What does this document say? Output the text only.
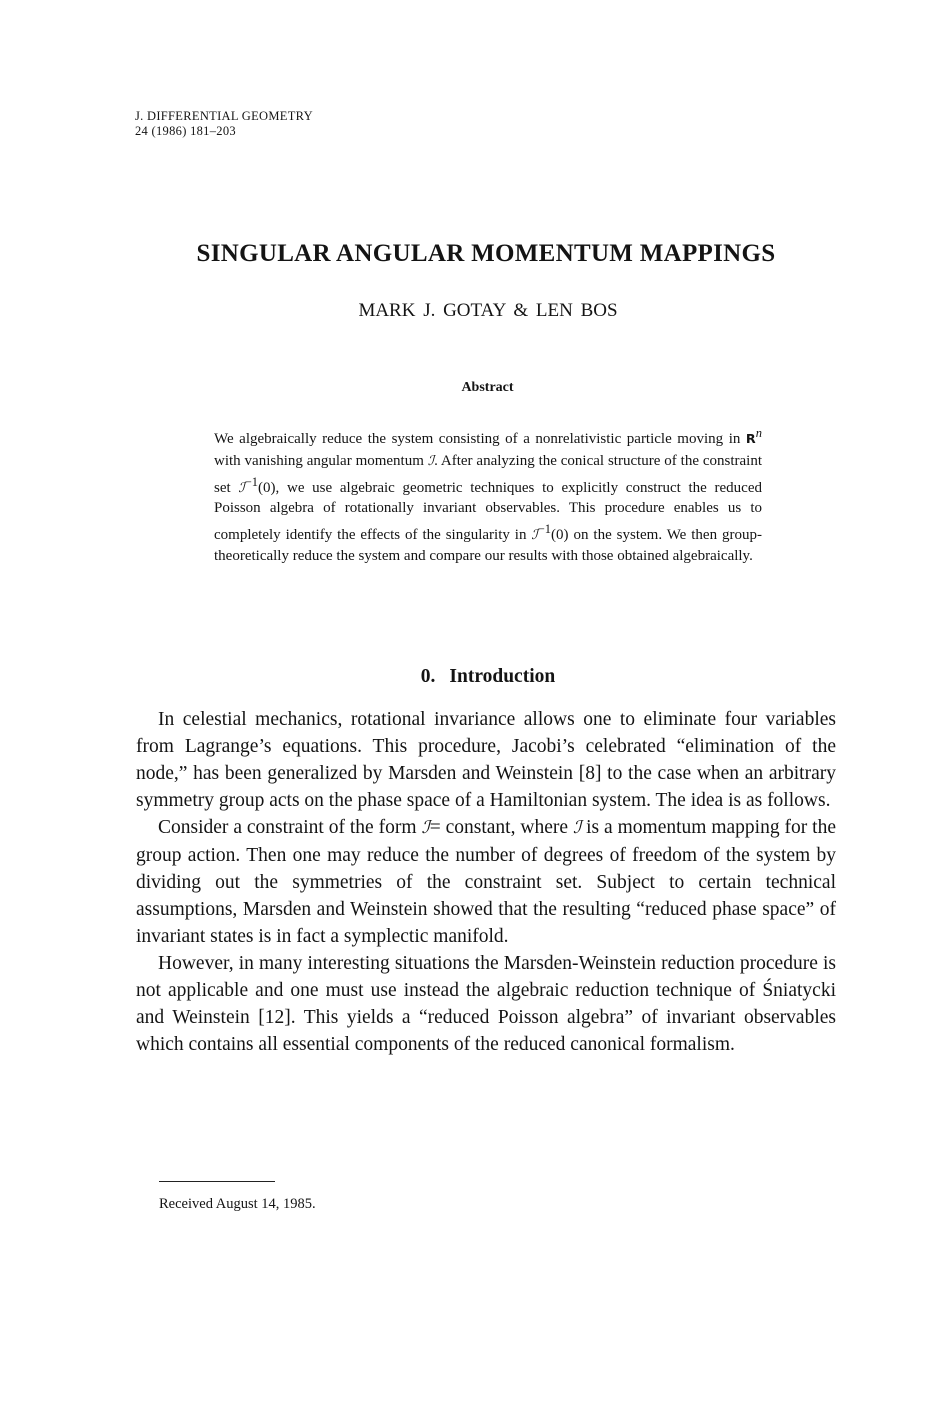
J. DIFFERENTIAL GEOMETRY
24 (1986) 181–203
SINGULAR ANGULAR MOMENTUM MAPPINGS
MARK J. GOTAY & LEN BOS
Abstract
We algebraically reduce the system consisting of a nonrelativistic particle moving in $R^n$ with vanishing angular momentum ℐ. After analyzing the conical structure of the constraint set ℐ$^{-1}$(0), we use algebraic geometric techniques to explicitly construct the reduced Poisson algebra of rotationally invariant observables. This procedure enables us to completely identify the effects of the singularity in ℐ$^{-1}$(0) on the system. We then group-theoretically reduce the system and compare our results with those obtained algebraically.
0. Introduction

In celestial mechanics, rotational invariance allows one to eliminate four variables from Lagrange’s equations. This procedure, Jacobi’s celebrated “elimination of the node,” has been generalized by Marsden and Weinstein [8] to the case when an arbitrary symmetry group acts on the phase space of a Hamiltonian system. The idea is as follows.

Consider a constraint of the form ℐ= constant, where ℐ is a momentum mapping for the group action. Then one may reduce the number of degrees of freedom of the system by dividing out the symmetries of the constraint set. Subject to certain technical assumptions, Marsden and Weinstein showed that the resulting “reduced phase space” of invariant states is in fact a symplectic manifold.

However, in many interesting situations the Marsden-Weinstein reduction procedure is not applicable and one must use instead the algebraic reduction technique of Śniatycki and Weinstein [12]. This yields a “reduced Poisson algebra” of invariant observables which contains all essential components of the reduced canonical formalism.

Received August 14, 1985.
